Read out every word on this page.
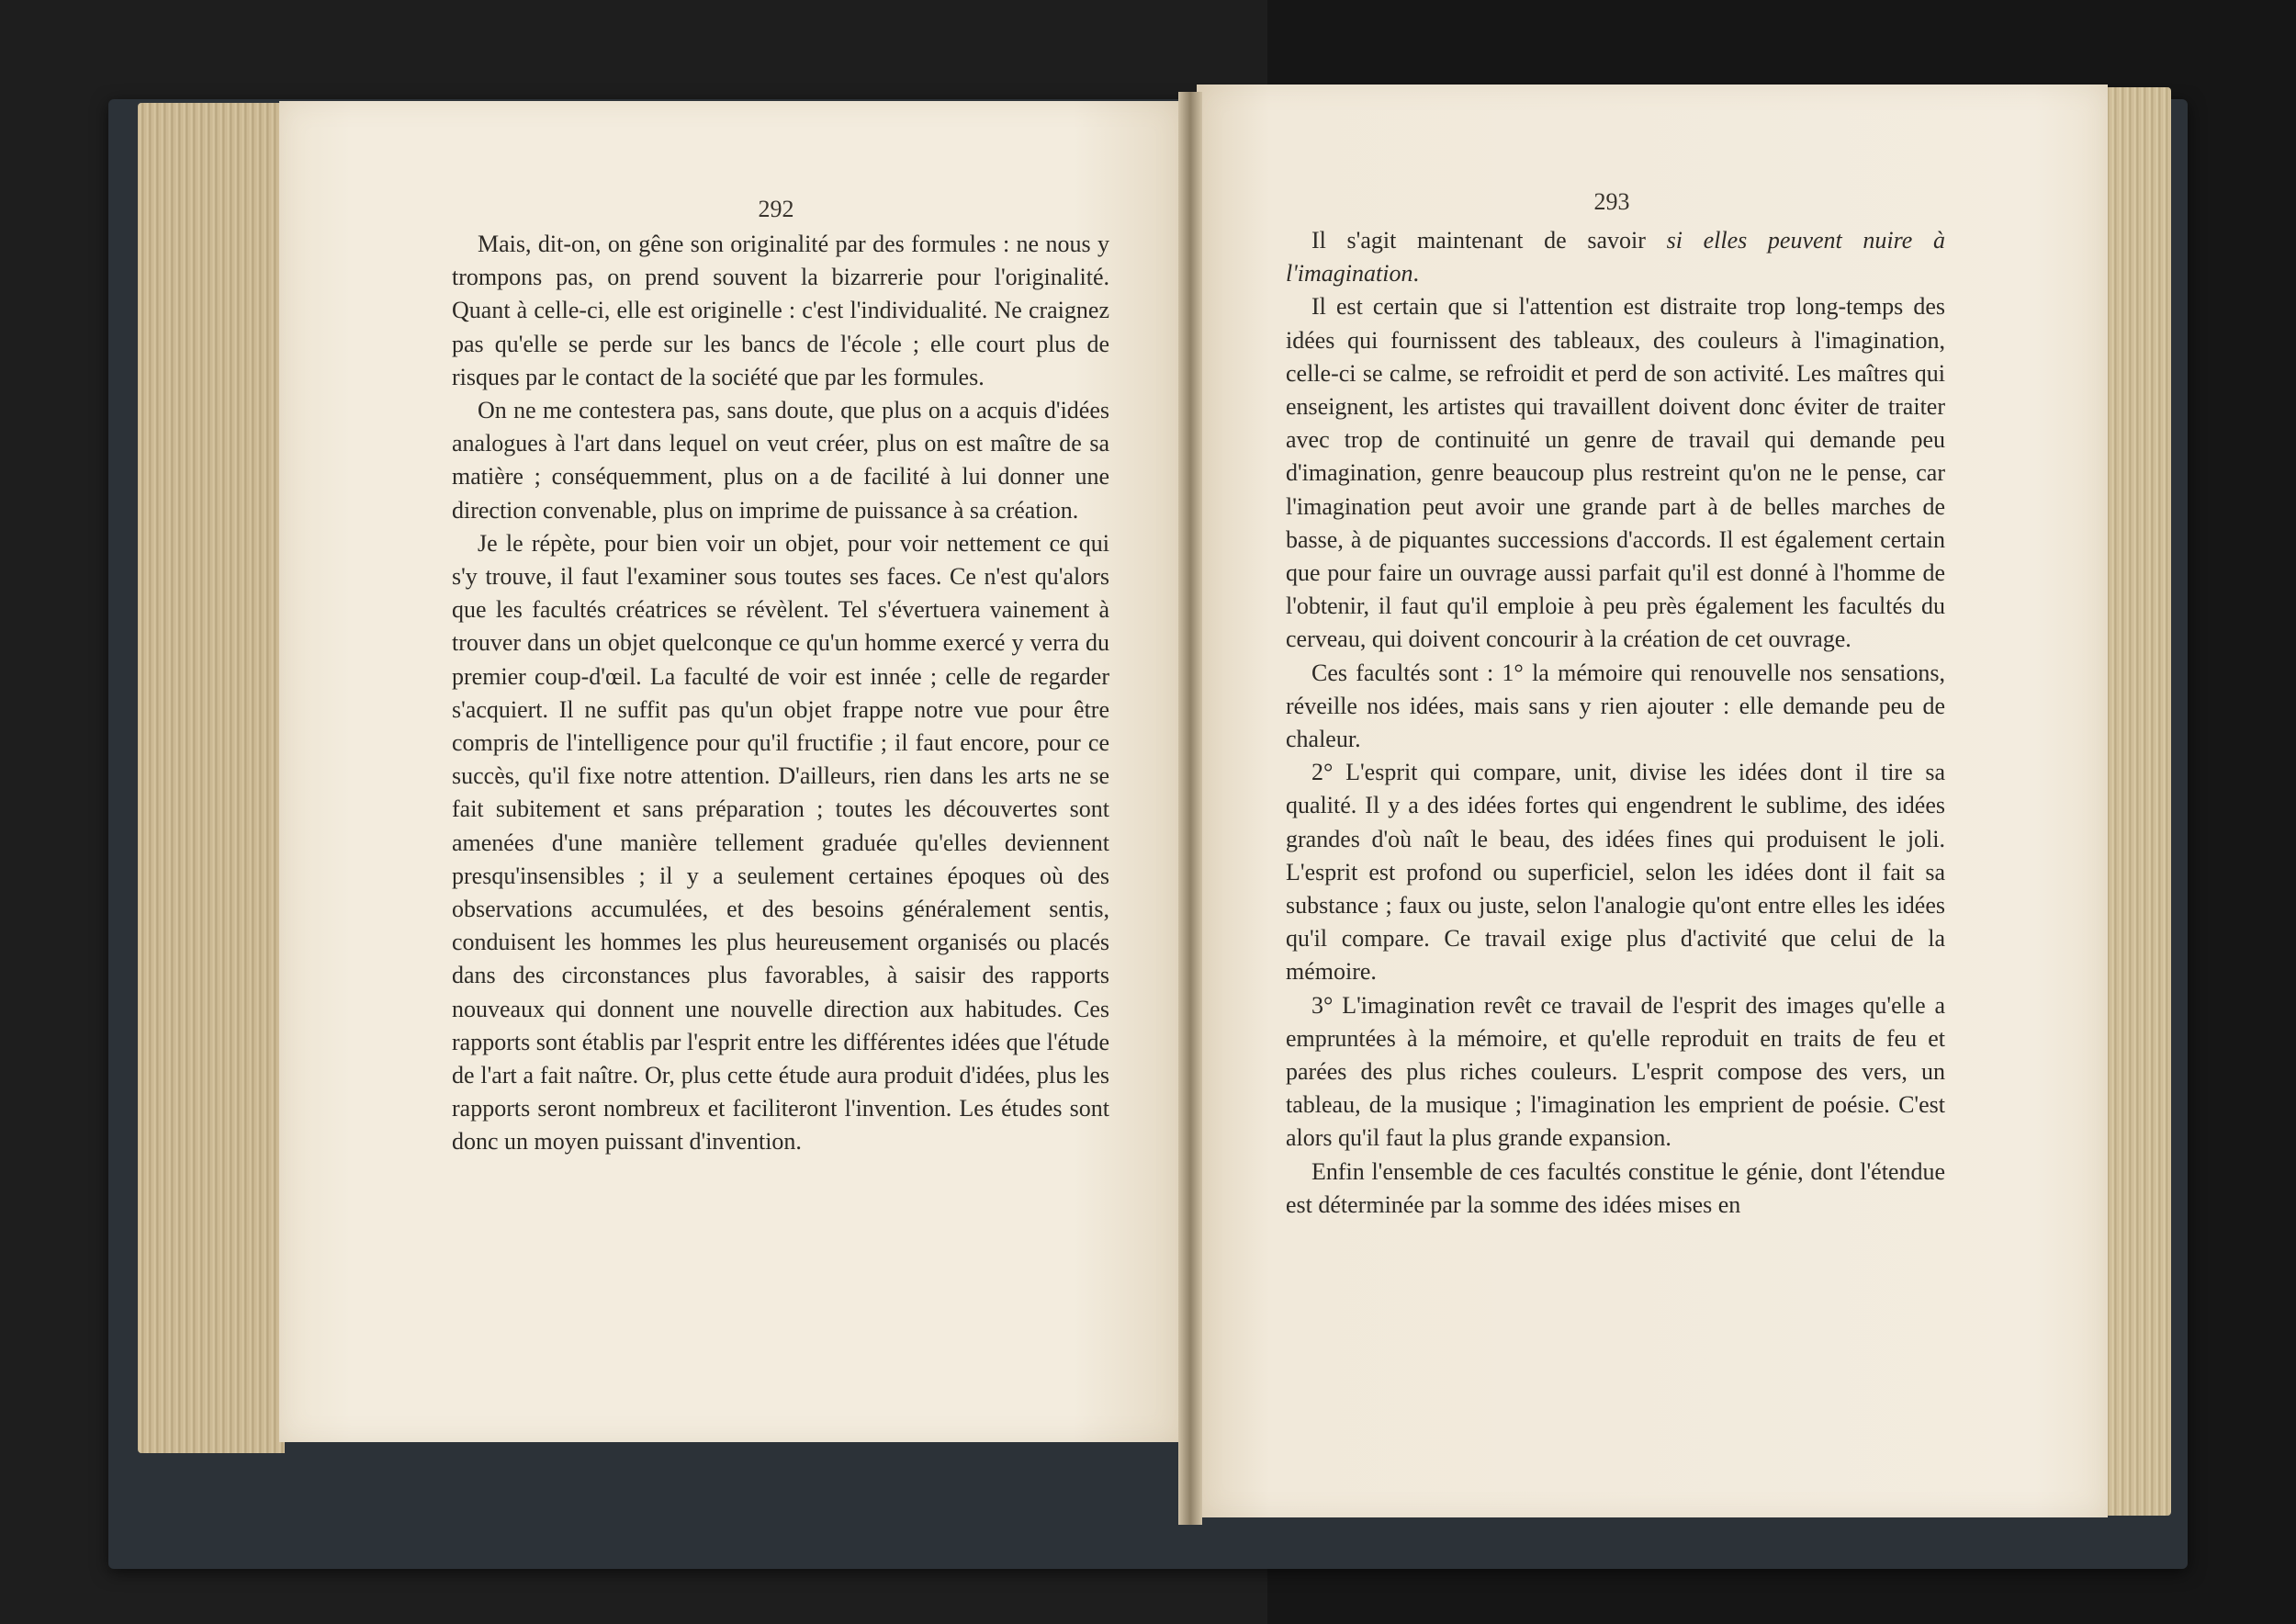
292	293

Mais, dit-on, on gêne son originalité par des formules : ne nous y trompons pas, on prend souvent la bizarrerie pour l'originalité. Quant à celle-ci, elle est originelle : c'est l'individualité. Ne craignez pas qu'elle se perde sur les bancs de l'école ; elle court plus de risques par le contact de la société que par les formules.

On ne me contestera pas, sans doute, que plus on a acquis d'idées analogues à l'art dans lequel on veut créer, plus on est maître de sa matière ; conséquemment, plus on a de facilité à lui donner une direction convenable, plus on imprime de puissance à sa création.

Je le répète, pour bien voir un objet, pour voir nettement ce qui s'y trouve, il faut l'examiner sous toutes ses faces. Ce n'est qu'alors que les facultés créatrices se révèlent. Tel s'évertuera vainement à trouver dans un objet quelconque ce qu'un homme exercé y verra du premier coup-d'œil. La faculté de voir est innée ; celle de regarder s'acquiert. Il ne suffit pas qu'un objet frappe notre vue pour être compris de l'intelligence pour qu'il fructifie ; il faut encore, pour ce succès, qu'il fixe notre attention. D'ailleurs, rien dans les arts ne se fait subitement et sans préparation ; toutes les découvertes sont amenées d'une manière tellement graduée qu'elles deviennent presqu'insensibles ; il y a seulement certaines époques où des observations accumulées, et des besoins généralement sentis, conduisent les hommes les plus heureusement organisés ou placés dans des circonstances plus favorables, à saisir des rapports nouveaux qui donnent une nouvelle direction aux habitudes. Ces rapports sont établis par l'esprit entre les différentes idées que l'étude de l'art a fait naître. Or, plus cette étude aura produit d'idées, plus les rapports seront nombreux et faciliteront l'invention. Les études sont donc un moyen puissant d'invention.

Il s'agit maintenant de savoir si elles peuvent nuire à l'imagination.

Il est certain que si l'attention est distraite trop long-temps des idées qui fournissent des tableaux, des couleurs à l'imagination, celle-ci se calme, se refroidit et perd de son activité. Les maîtres qui enseignent, les artistes qui travaillent doivent donc éviter de traiter avec trop de continuité un genre de travail qui demande peu d'imagination, genre beaucoup plus restreint qu'on ne le pense, car l'imagination peut avoir une grande part à de belles marches de basse, à de piquantes successions d'accords. Il est également certain que pour faire un ouvrage aussi parfait qu'il est donné à l'homme de l'obtenir, il faut qu'il emploie à peu près également les facultés du cerveau, qui doivent concourir à la création de cet ouvrage.

Ces facultés sont : 1° la mémoire qui renouvelle nos sensations, réveille nos idées, mais sans y rien ajouter : elle demande peu de chaleur.

2° L'esprit qui compare, unit, divise les idées dont il tire sa qualité. Il y a des idées fortes qui engendrent le sublime, des idées grandes d'où naît le beau, des idées fines qui produisent le joli. L'esprit est profond ou superficiel, selon les idées dont il fait sa substance ; faux ou juste, selon l'analogie qu'ont entre elles les idées qu'il compare. Ce travail exige plus d'activité que celui de la mémoire.

3° L'imagination revêt ce travail de l'esprit des images qu'elle a empruntées à la mémoire, et qu'elle reproduit en traits de feu et parées des plus riches couleurs. L'esprit compose des vers, un tableau, de la musique ; l'imagination les emprient de poésie. C'est alors qu'il faut la plus grande expansion.

Enfin l'ensemble de ces facultés constitue le génie, dont l'étendue est déterminée par la somme des idées mises en
